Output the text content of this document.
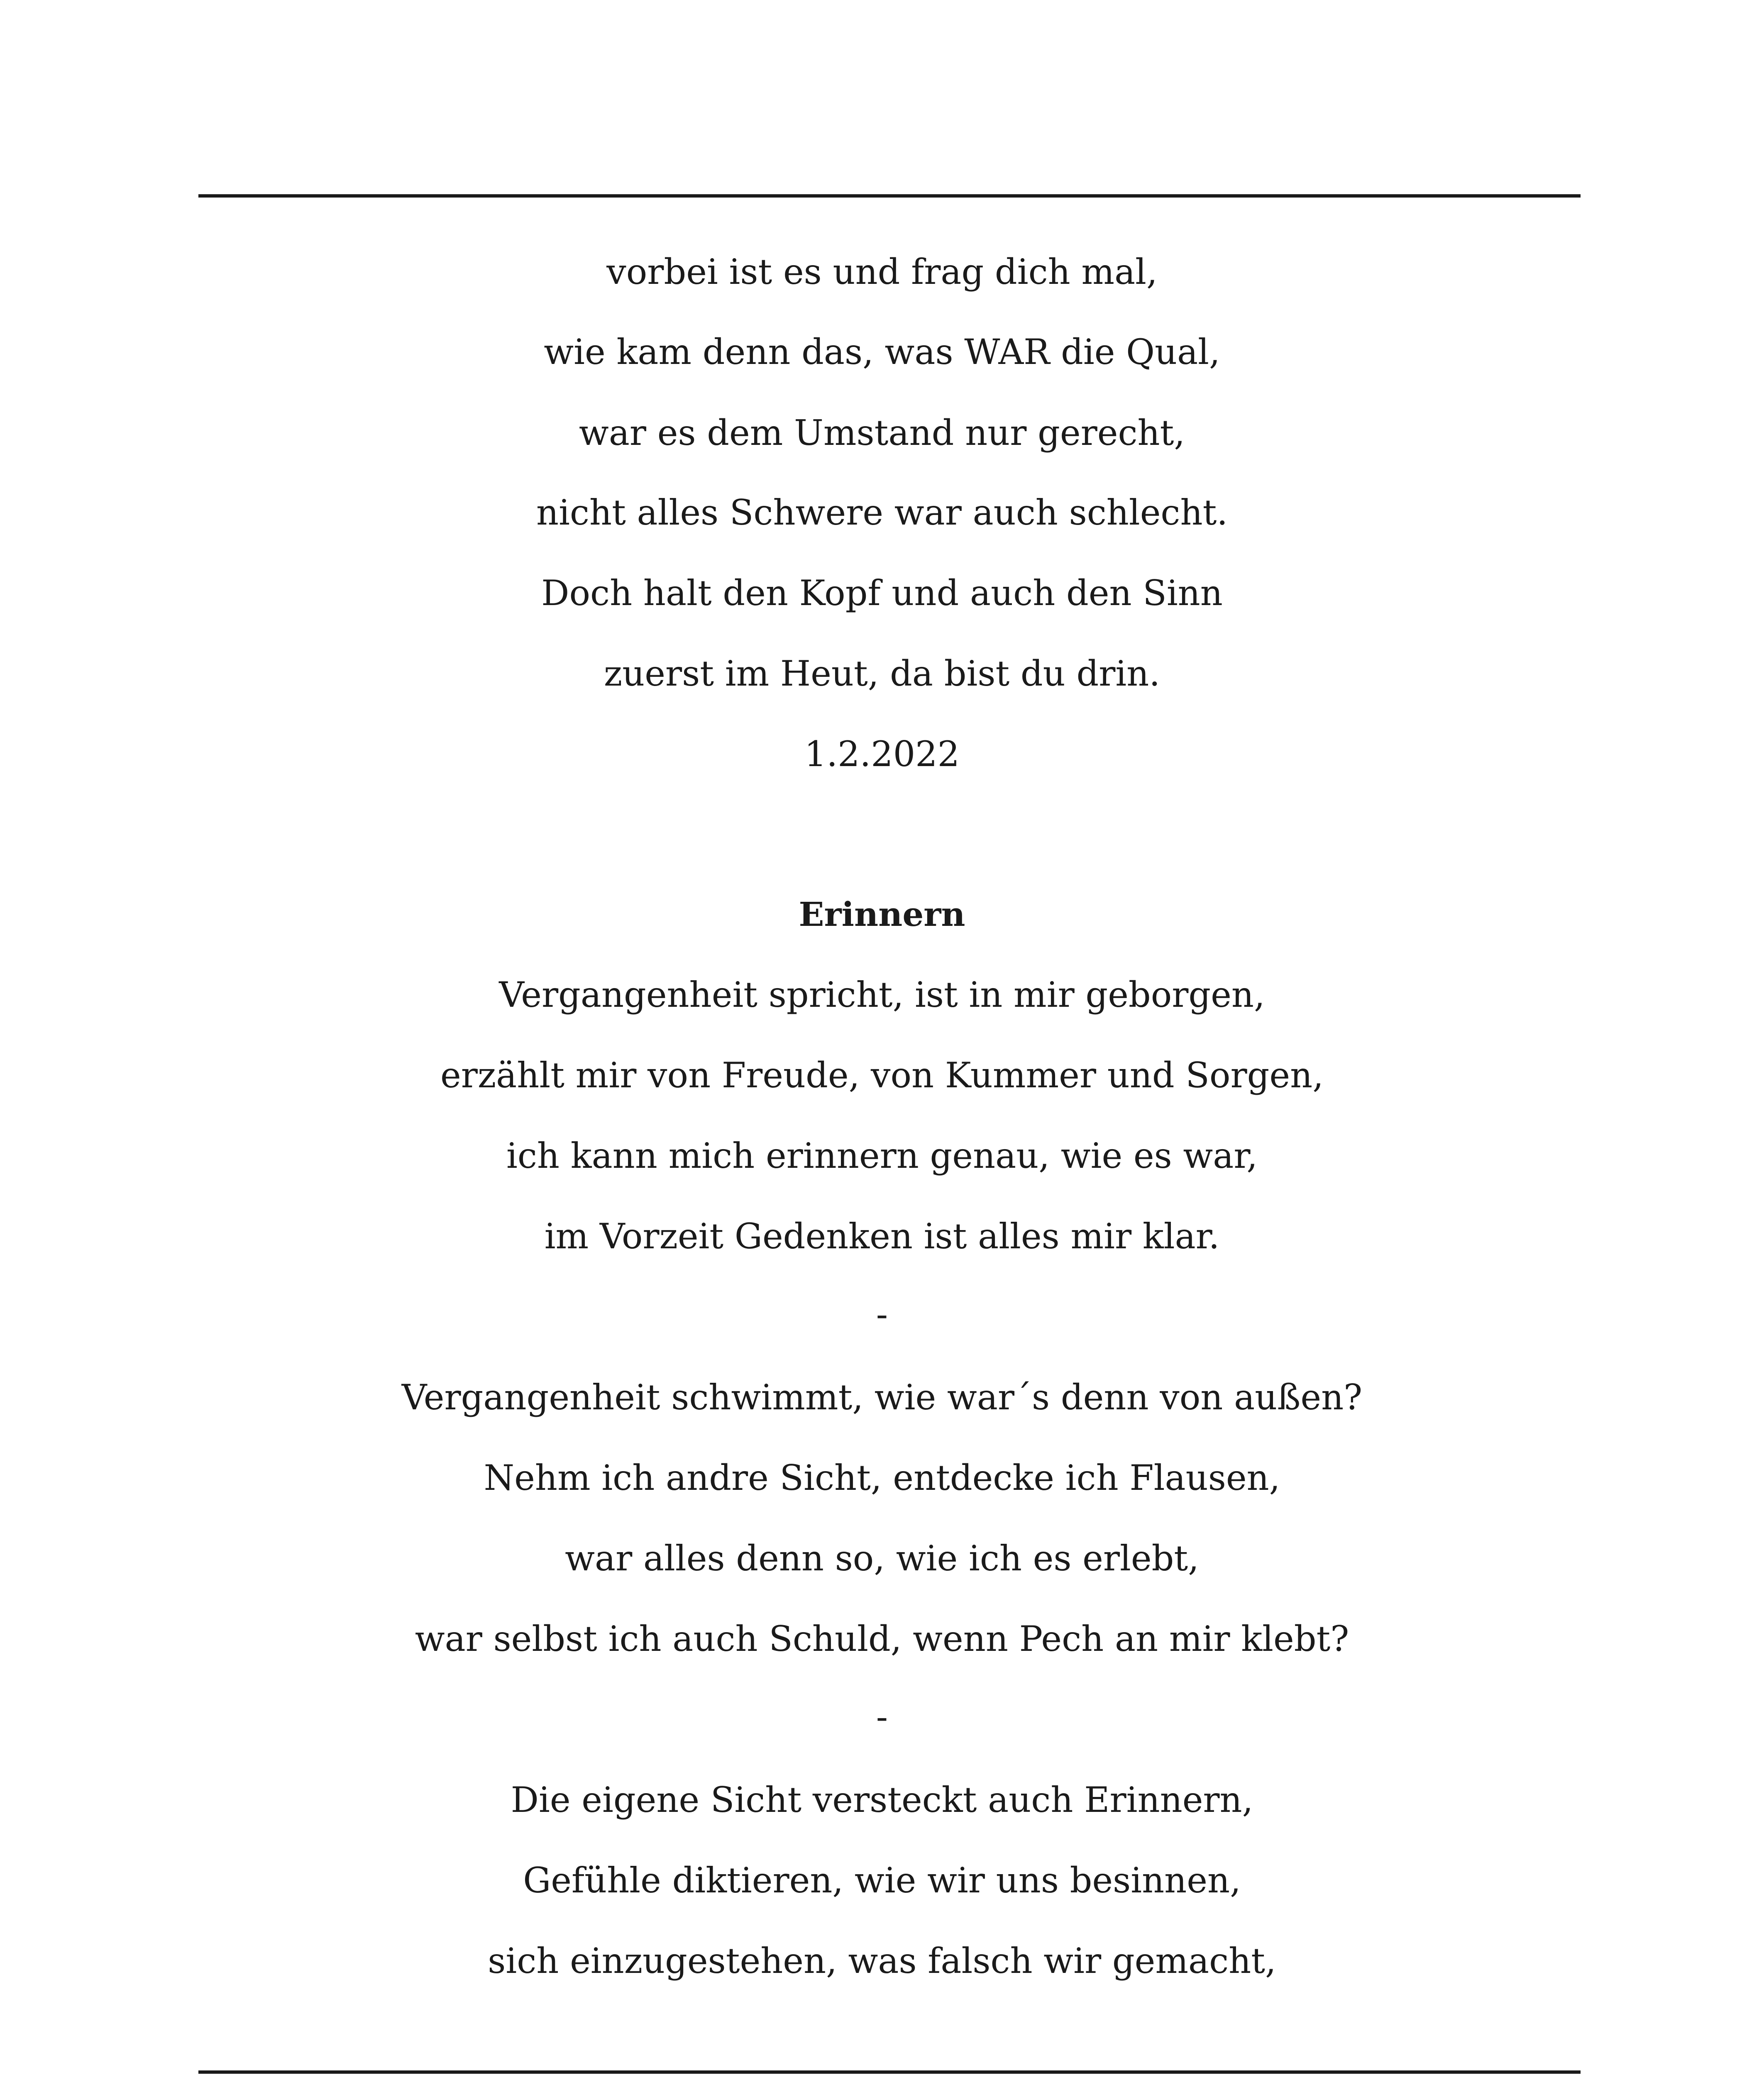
vorbei ist es und frag dich mal,
wie kam denn das, was WAR die Qual,
war es dem Umstand nur gerecht,
nicht alles Schwere war auch schlecht.
Doch halt den Kopf und auch den Sinn
zuerst im Heut, da bist du drin.
1.2.2022
Erinnern
Vergangenheit spricht, ist in mir geborgen,
erzählt mir von Freude, von Kummer und Sorgen,
ich kann mich erinnern genau, wie es war,
im Vorzeit Gedenken ist alles mir klar.
-
Vergangenheit schwimmt, wie war´s denn von außen?
Nehm ich andre Sicht, entdecke ich Flausen,
war alles denn so, wie ich es erlebt,
war selbst ich auch Schuld, wenn Pech an mir klebt?
-
Die eigene Sicht versteckt auch Erinnern,
Gefühle diktieren, wie wir uns besinnen,
sich einzugestehen, was falsch wir gemacht,
